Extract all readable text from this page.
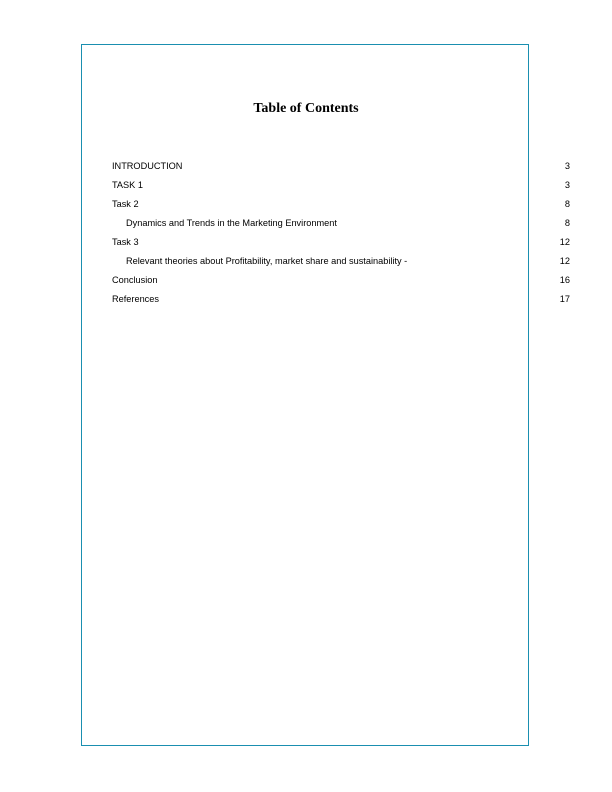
Table of Contents
INTRODUCTION	3
TASK 1	3
Task 2	8
Dynamics and Trends in the Marketing Environment	8
Task 3	12
Relevant theories about Profitability, market share and sustainability -	12
Conclusion	16
References	17
